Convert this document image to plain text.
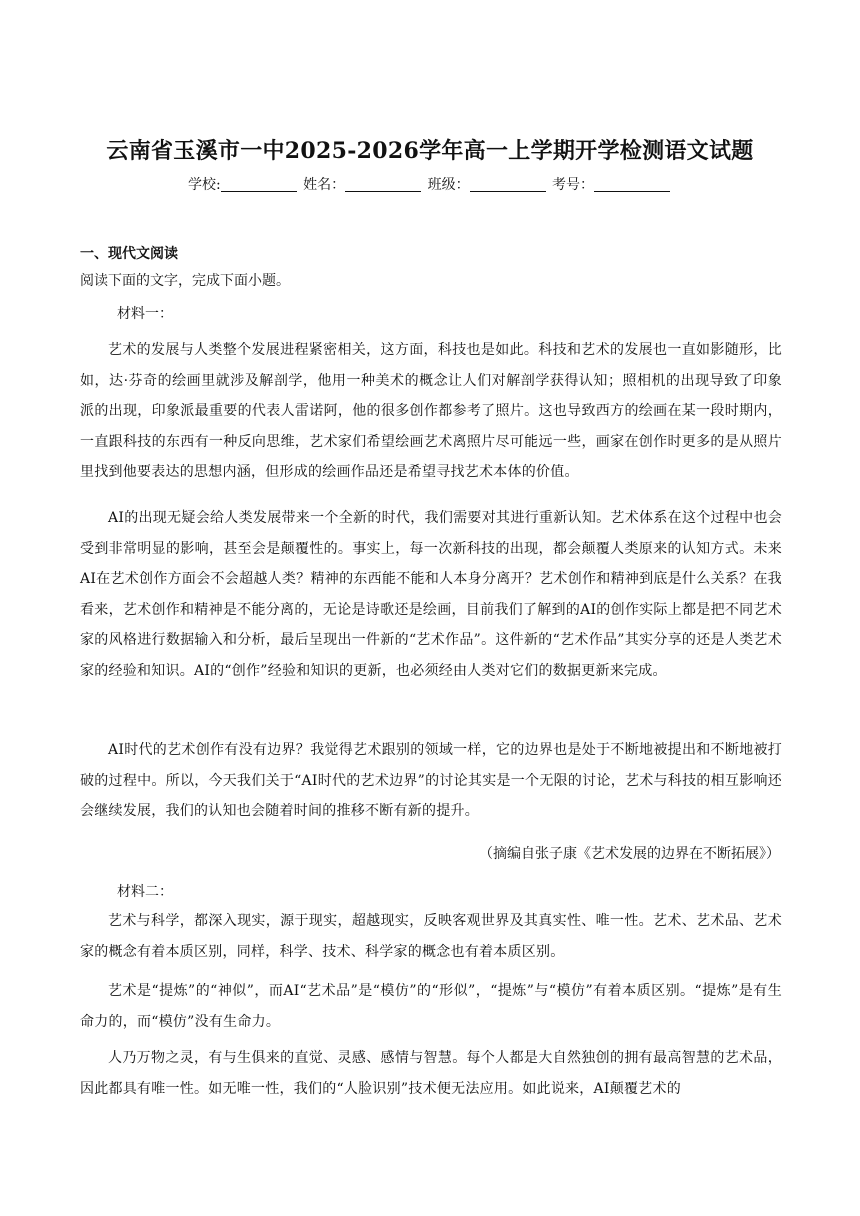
云南省玉溪市一中2025-2026学年高一上学期开学检测语文试题
学校:	姓名：	班级：	考号：
一、现代文阅读
阅读下面的文字，完成下面小题。
材料一：

艺术的发展与人类整个发展进程紧密相关，这方面，科技也是如此。科技和艺术的发展也一直如影随形，比如，达·芬奇的绘画里就涉及解剖学，他用一种美术的概念让人们对解剖学获得认知；照相机的出现导致了印象派的出现，印象派最重要的代表人雷诺阿，他的很多创作都参考了照片。这也导致西方的绘画在某一段时期内，一直跟科技的东西有一种反向思维，艺术家们希望绘画艺术离照片尽可能远一些，画家在创作时更多的是从照片里找到他要表达的思想内涵，但形成的绘画作品还是希望寻找艺术本体的价值。

AI的出现无疑会给人类发展带来一个全新的时代，我们需要对其进行重新认知。艺术体系在这个过程中也会受到非常明显的影响，甚至会是颠覆性的。事实上，每一次新科技的出现，都会颠覆人类原来的认知方式。未来AI在艺术创作方面会不会超越人类？精神的东西能不能和人本身分离开？艺术创作和精神到底是什么关系？在我看来，艺术创作和精神是不能分离的，无论是诗歌还是绘画，目前我们了解到的AI的创作实际上都是把不同艺术家的风格进行数据输入和分析，最后呈现出一件新的“艺术作品”。这件新的“艺术作品”其实分享的还是人类艺术家的经验和知识。AI的“创作”经验和知识的更新，也必须经由人类对它们的数据更新来完成。

AI时代的艺术创作有没有边界？我觉得艺术跟别的领域一样，它的边界也是处于不断地被提出和不断地被打破的过程中。所以，今天我们关于“AI时代的艺术边界”的讨论其实是一个无限的讨论，艺术与科技的相互影响还会继续发展，我们的认知也会随着时间的推移不断有新的提升。

（摘编自张子康《艺术发展的边界在不断拓展》）
材料二：

艺术与科学，都深入现实，源于现实，超越现实，反映客观世界及其真实性、唯一性。艺术、艺术品、艺术家的概念有着本质区别，同样，科学、技术、科学家的概念也有着本质区别。

艺术是“提炼”的“神似”，而AI“艺术品”是“模仿”的“形似”，“提炼”与“模仿”有着本质区别。“提炼”是有生命力的，而“模仿”没有生命力。

人乃万物之灵，有与生俱来的直觉、灵感、感情与智慧。每个人都是大自然独创的拥有最高智慧的艺术品，因此都具有唯一性。如无唯一性，我们的“人脸识别”技术便无法应用。如此说来，AI颠覆艺术的
